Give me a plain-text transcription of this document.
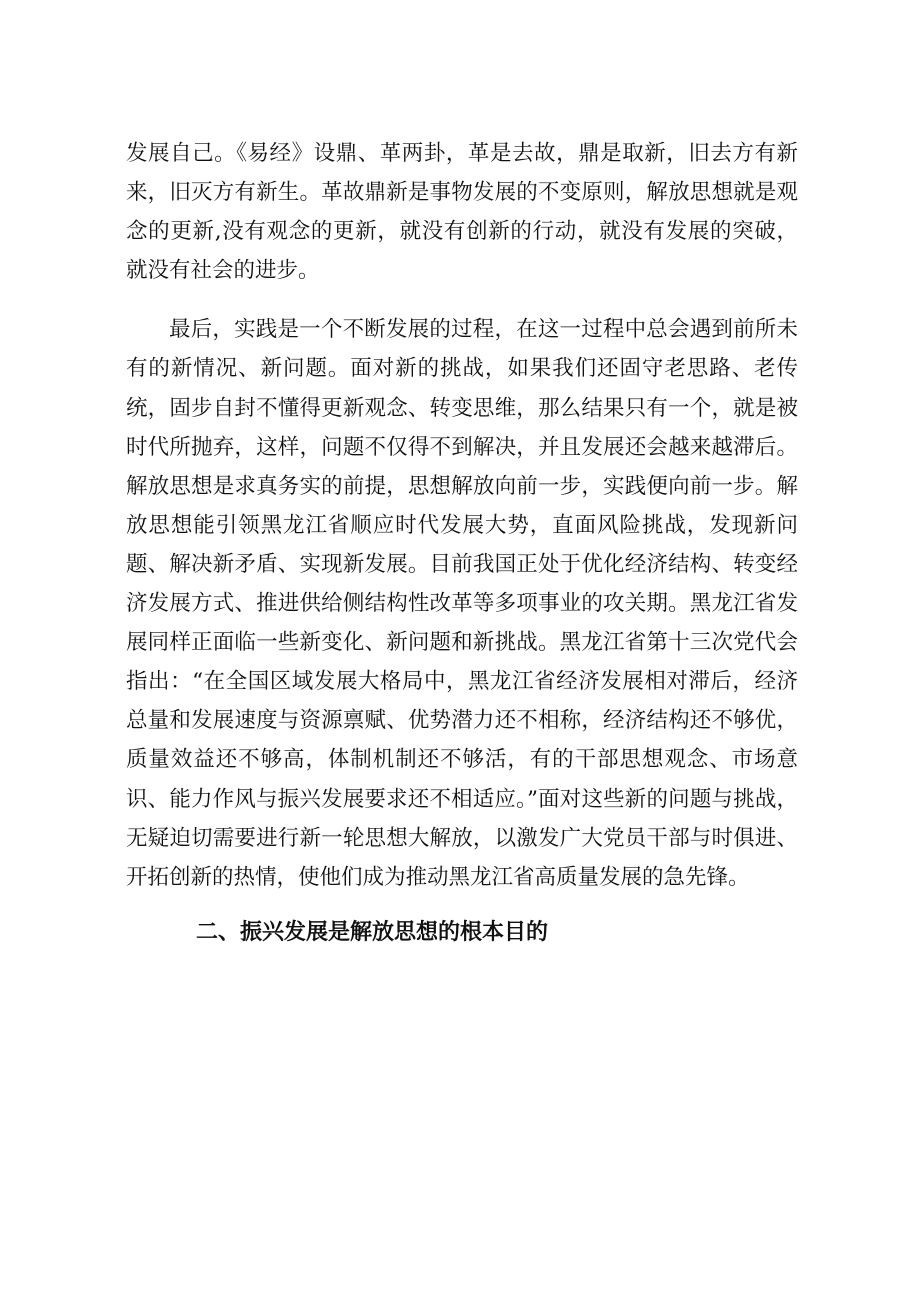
发展自己。《易经》设鼎、革两卦，革是去故，鼎是取新，旧去方有新来，旧灭方有新生。革故鼎新是事物发展的不变原则，解放思想就是观念的更新,没有观念的更新，就没有创新的行动，就没有发展的突破，就没有社会的进步。

最后，实践是一个不断发展的过程，在这一过程中总会遇到前所未有的新情况、新问题。面对新的挑战，如果我们还固守老思路、老传统，固步自封不懂得更新观念、转变思维，那么结果只有一个，就是被时代所抛弃，这样，问题不仅得不到解决，并且发展还会越来越滞后。解放思想是求真务实的前提，思想解放向前一步，实践便向前一步。解放思想能引领黑龙江省顺应时代发展大势，直面风险挑战，发现新问题、解决新矛盾、实现新发展。目前我国正处于优化经济结构、转变经济发展方式、推进供给侧结构性改革等多项事业的攻关期。黑龙江省发展同样正面临一些新变化、新问题和新挑战。黑龙江省第十三次党代会指出：“在全国区域发展大格局中，黑龙江省经济发展相对滞后，经济总量和发展速度与资源禀赋、优势潜力还不相称，经济结构还不够优，质量效益还不够高，体制机制还不够活，有的干部思想观念、市场意识、能力作风与振兴发展要求还不相适应。”面对这些新的问题与挑战，无疑迫切需要进行新一轮思想大解放，以激发广大党员干部与时俱进、开拓创新的热情，使他们成为推动黑龙江省高质量发展的急先锋。

二、振兴发展是解放思想的根本目的
